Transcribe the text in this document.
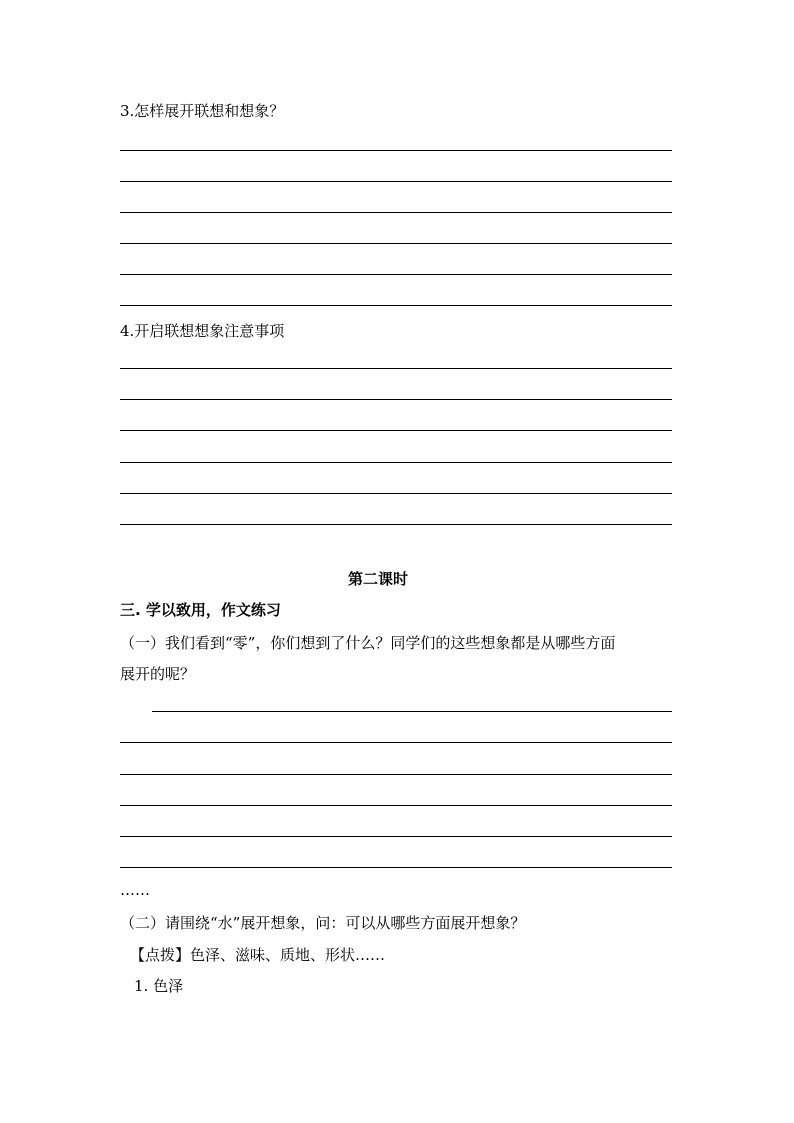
3.怎样展开联想和想象？

4.开启联想想象注意事项

第二课时

三. 学以致用，作文练习

（一）我们看到“零”，你们想到了什么？同学们的这些想象都是从哪些方面

展开的呢？

……

（二）请围绕“水”展开想象，问：可以从哪些方面展开想象？

【点拨】色泽、滋味、质地、形状……

1. 色泽
